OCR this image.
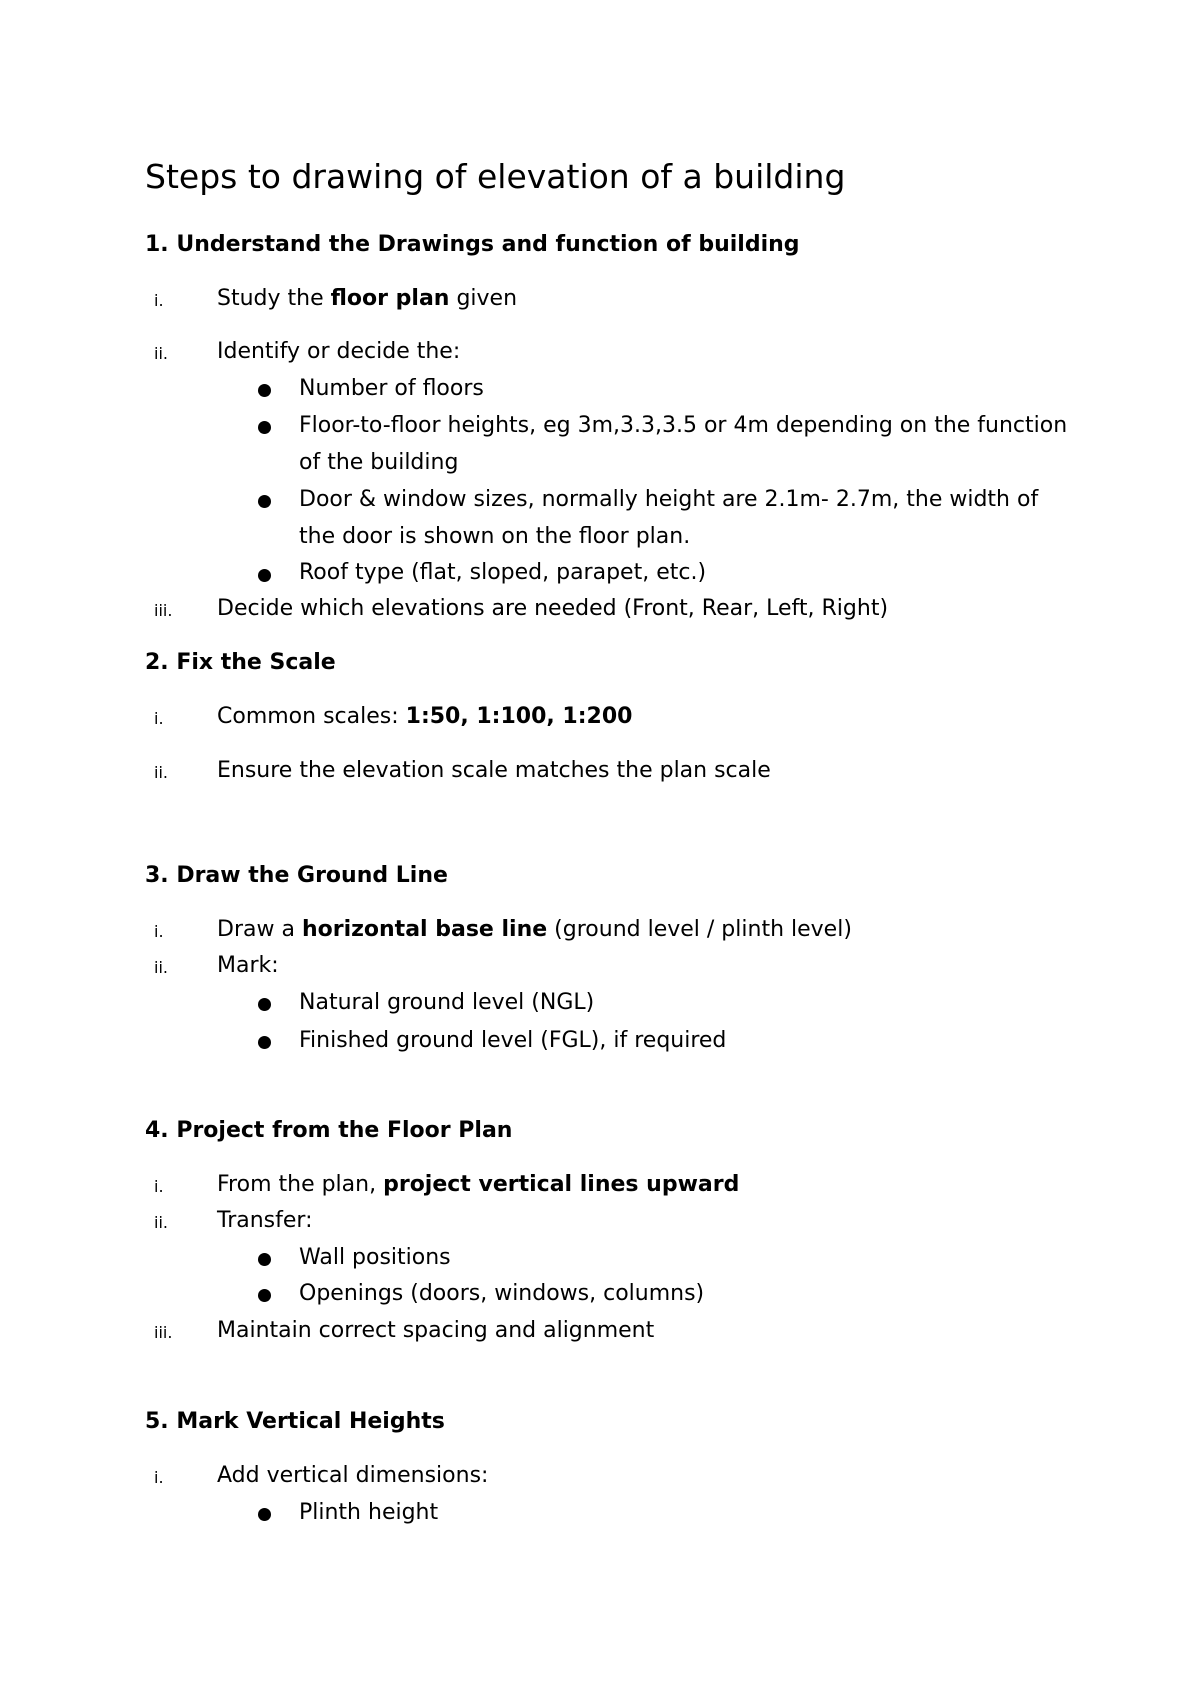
Steps to drawing of elevation of a building
1. Understand the Drawings and function of building
i.	Study the floor plan given
ii.	Identify or decide the:
Number of floors
Floor-to-floor heights, eg 3m,3.3,3.5 or 4m depending on the function of the building
Door & window sizes, normally height are 2.1m- 2.7m, the width of the door is shown on the floor plan.
Roof type (flat, sloped, parapet, etc.)
iii.	Decide which elevations are needed (Front, Rear, Left, Right)
2. Fix the Scale
i.	Common scales: 1:50, 1:100, 1:200
ii.	Ensure the elevation scale matches the plan scale
3. Draw the Ground Line
i.	Draw a horizontal base line (ground level / plinth level)
ii.	Mark:
Natural ground level (NGL)
Finished ground level (FGL), if required
4. Project from the Floor Plan
i.	From the plan, project vertical lines upward
ii.	Transfer:
Wall positions
Openings (doors, windows, columns)
iii.	Maintain correct spacing and alignment
5. Mark Vertical Heights
i.	Add vertical dimensions:
Plinth height
